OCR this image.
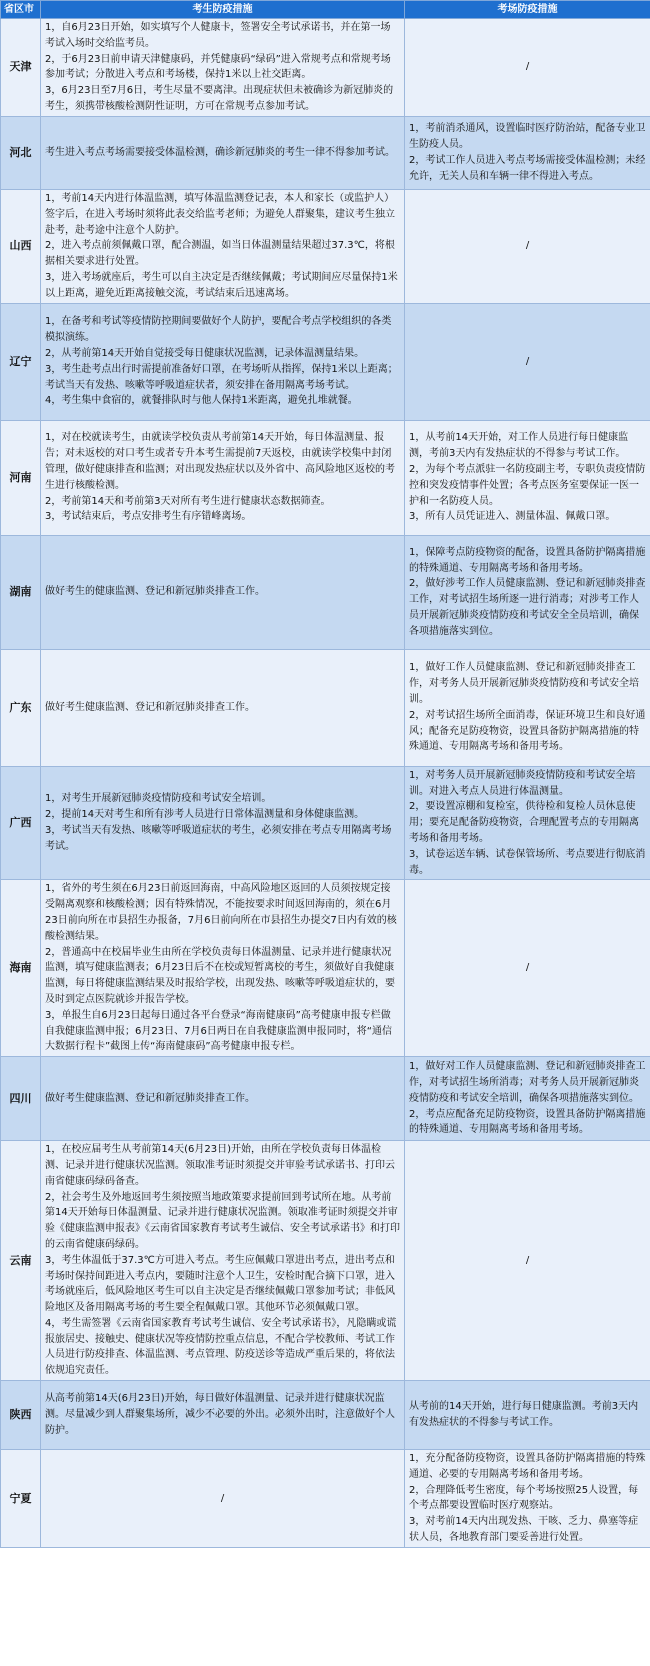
省区市	考生防疫措施	考场防疫措施
天津	1，自6月23日开始，如实填写个人健康卡，签署安全考试承诺书，并在第一场考试入场时交给监考员。
2，于6月23日前申请天津健康码，并凭健康码“绿码”进入常规考点和常规考场参加考试；分散进入考点和考场楼，保持1米以上社交距离。
3，6月23日至7月6日，考生尽量不要离津。出现症状但未被确诊为新冠肺炎的考生，须携带核酸检测阴性证明，方可在常规考点参加考试。	/

河北	考生进入考点考场需要接受体温检测，确诊新冠肺炎的考生一律不得参加考试。	1，考前消杀通风，设置临时医疗防治站，配备专业卫生防疫人员。
2，考试工作人员进入考点考场需接受体温检测；未经允许，无关人员和车辆一律不得进入考点。

山西	1，考前14天内进行体温监测，填写体温监测登记表，本人和家长（或监护人）签字后，在进入考场时须将此表交给监考老师；为避免人群聚集，建议考生独立赴考，赴考途中注意个人防护。
2，进入考点前须佩戴口罩，配合测温，如当日体温测量结果超过37.3℃，将根据相关要求进行处置。
3，进入考场就座后，考生可以自主决定是否继续佩戴；考试期间应尽量保持1米以上距离，避免近距离接触交流，考试结束后迅速离场。	/

辽宁	1，在备考和考试等疫情防控期间要做好个人防护，要配合考点学校组织的各类模拟演练。
2，从考前第14天开始自觉接受每日健康状况监测，记录体温测量结果。
3，考生赴考点出行时需提前准备好口罩，在考场听从指挥，保持1米以上距离；考试当天有发热、咳嗽等呼吸道症状者，须安排在备用隔离考场考试。
4，考生集中食宿的，就餐排队时与他人保持1米距离，避免扎堆就餐。	/

河南	1，对在校就读考生，由就读学校负责从考前第14天开始，每日体温测量、报告；对未返校的对口考生或者专升本考生需提前7天返校，由就读学校集中封闭管理，做好健康排查和监测；对出现发热症状以及外省中、高风险地区返校的考生进行核酸检测。
2，考前第14天和考前第3天对所有考生进行健康状态数据筛查。
3，考试结束后，考点安排考生有序错峰离场。	1，从考前14天开始，对工作人员进行每日健康监测，考前3天内有发热症状的不得参与考试工作。
2，为每个考点派驻一名防疫副主考，专职负责疫情防控和突发疫情事件处置；各考点医务室要保证一医一护和一名防疫人员。
3，所有人员凭证进入、测量体温、佩戴口罩。

湖南	做好考生的健康监测、登记和新冠肺炎排查工作。	1，保障考点防疫物资的配备，设置具备防护隔离措施的特殊通道、专用隔离考场和备用考场。
2，做好涉考工作人员健康监测、登记和新冠肺炎排查工作，对考试招生场所逐一进行消毒；对涉考工作人员开展新冠肺炎疫情防疫和考试安全全员培训，确保各项措施落实到位。

广东	做好考生健康监测、登记和新冠肺炎排查工作。	1，做好工作人员健康监测、登记和新冠肺炎排查工作，对考务人员开展新冠肺炎疫情防疫和考试安全培训。
2，对考试招生场所全面消毒，保证环境卫生和良好通风；配备充足防疫物资，设置具备防护隔离措施的特殊通道、专用隔离考场和备用考场。

广西	1，对考生开展新冠肺炎疫情防疫和考试安全培训。
2，提前14天对考生和所有涉考人员进行日常体温测量和身体健康监测。
3，考试当天有发热、咳嗽等呼吸道症状的考生，必须安排在考点专用隔离考场考试。	1，对考务人员开展新冠肺炎疫情防疫和考试安全培训。对进入考点人员进行体温测量。
2，要设置凉棚和复检室，供待检和复检人员休息使用；要充足配备防疫物资，合理配置考点的专用隔离考场和备用考场。
3，试卷运送车辆、试卷保管场所、考点要进行彻底消毒。

海南	1，省外的考生须在6月23日前返回海南，中高风险地区返回的人员须按规定接受隔离观察和核酸检测；因有特殊情况，不能按要求时间返回海南的，须在6月23日前向所在市县招生办报备，7月6日前向所在市县招生办提交7日内有效的核酸检测结果。
2，普通高中在校届毕业生由所在学校负责每日体温测量、记录并进行健康状况监测，填写健康监测表；6月23日后不在校或短暂离校的考生，须做好自我健康监测，每日将健康监测结果及时报给学校，出现发热、咳嗽等呼吸道症状的，要及时到定点医院就诊并报告学校。
3，单报生自6月23日起每日通过各平台登录“海南健康码”高考健康申报专栏做自我健康监测申报；6月23日、7月6日两日在自我健康监测申报同时，将“通信大数据行程卡”截图上传“海南健康码”高考健康申报专栏。	/

四川	做好考生健康监测、登记和新冠肺炎排查工作。	1，做好对工作人员健康监测、登记和新冠肺炎排查工作，对考试招生场所消毒；对考务人员开展新冠肺炎疫情防疫和考试安全培训，确保各项措施落实到位。
2，考点应配备充足防疫物资，设置具备防护隔离措施的特殊通道、专用隔离考场和备用考场。

云南	1，在校应届考生从考前第14天(6月23日)开始，由所在学校负责每日体温检测、记录并进行健康状况监测。领取准考证时须提交并审验考试承诺书、打印云南省健康码绿码备查。
2，社会考生及外地返回考生须按照当地政策要求提前回到考试所在地。从考前第14天开始每日体温测量、记录并进行健康状况监测。领取准考证时须提交并审验《健康监测申报表》《云南省国家教育考试考生诚信、安全考试承诺书》和打印的云南省健康码绿码。
3，考生体温低于37.3℃方可进入考点。考生应佩戴口罩进出考点，进出考点和考场时保持间距进入考点内，要随时注意个人卫生，安检时配合摘下口罩，进入考场就座后，低风险地区考生可以自主决定是否继续佩戴口罩参加考试；非低风险地区及备用隔离考场的考生要全程佩戴口罩。其他环节必须佩戴口罩。
4，考生需签署《云南省国家教育考试考生诚信、安全考试承诺书》，凡隐瞒或谎报旅居史、接触史、健康状况等疫情防控重点信息，不配合学校教师、考试工作人员进行防疫排查、体温监测、考点管理、防疫送诊等造成严重后果的，将依法依规追究责任。	/

陕西	从高考前第14天(6月23日)开始，每日做好体温测量、记录并进行健康状况监测。尽量减少到人群聚集场所，减少不必要的外出。必须外出时，注意做好个人防护。	从考前的14天开始，进行每日健康监测。考前3天内有发热症状的不得参与考试工作。

宁夏	/	1，充分配备防疫物资，设置具备防护隔离措施的特殊通道、必要的专用隔离考场和备用考场。
2，合理降低考生密度，每个考场按照25人设置，每个考点都要设置临时医疗观察站。
3，对考前14天内出现发热、干咳、乏力、鼻塞等症状人员，各地教育部门要妥善进行处置。
